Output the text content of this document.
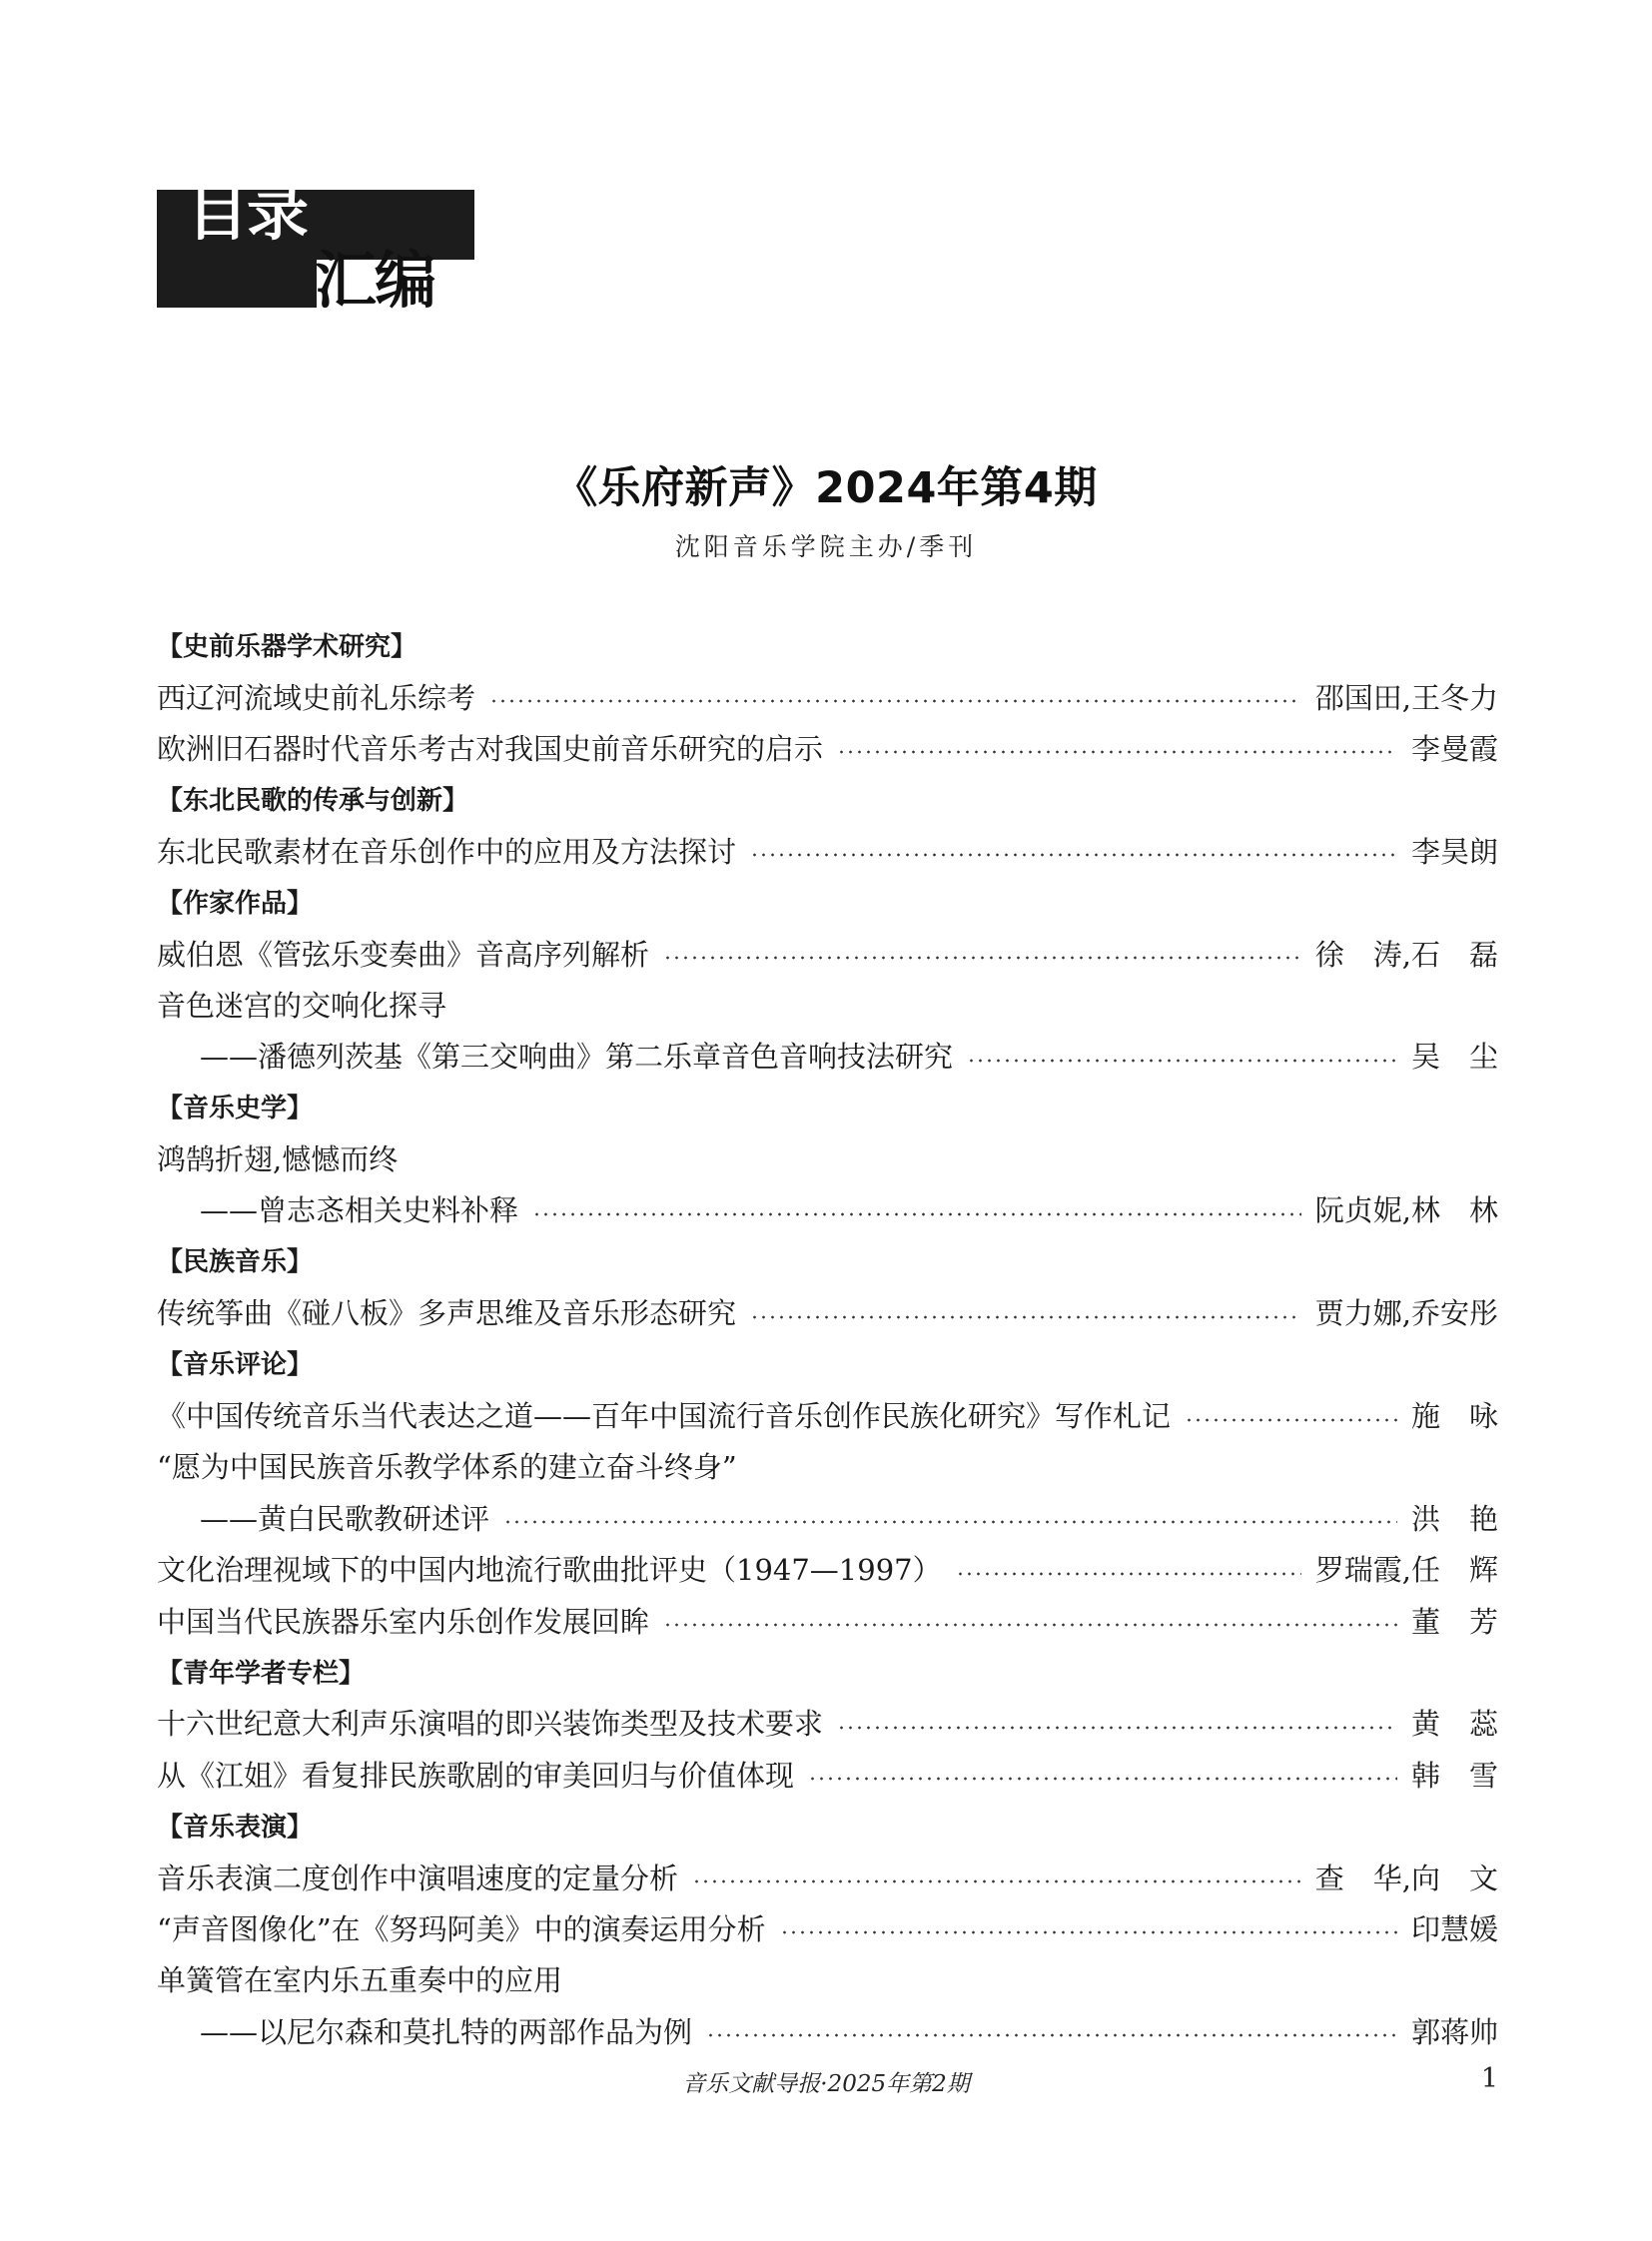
目录
汇编
《乐府新声》2024年第4期
沈阳音乐学院主办/季刊
【史前乐器学术研究】
西辽河流域史前礼乐综考	邵国田,王冬力
欧洲旧石器时代音乐考古对我国史前音乐研究的启示	李曼霞
【东北民歌的传承与创新】
东北民歌素材在音乐创作中的应用及方法探讨	李昊朗
【作家作品】
威伯恩《管弦乐变奏曲》音高序列解析	徐　涛,石　磊
音色迷宫的交响化探寻
——潘德列茨基《第三交响曲》第二乐章音色音响技法研究	吴　尘
【音乐史学】
鸿鹄折翅,憾憾而终
——曾志忞相关史料补释	阮贞妮,林　林
【民族音乐】
传统筝曲《碰八板》多声思维及音乐形态研究	贾力娜,乔安彤
【音乐评论】
《中国传统音乐当代表达之道——百年中国流行音乐创作民族化研究》写作札记	施　咏
“愿为中国民族音乐教学体系的建立奋斗终身”
——黄白民歌教研述评	洪　艳
文化治理视域下的中国内地流行歌曲批评史（1947—1997）	罗瑞霞,任　辉
中国当代民族器乐室内乐创作发展回眸	董　芳
【青年学者专栏】
十六世纪意大利声乐演唱的即兴装饰类型及技术要求	黄　蕊
从《江姐》看复排民族歌剧的审美回归与价值体现	韩　雪
【音乐表演】
音乐表演二度创作中演唱速度的定量分析	查　华,向　文
“声音图像化”在《努玛阿美》中的演奏运用分析	印慧媛
单簧管在室内乐五重奏中的应用
——以尼尔森和莫扎特的两部作品为例	郭蒋帅
音乐文献导报·2025年第2期	1
